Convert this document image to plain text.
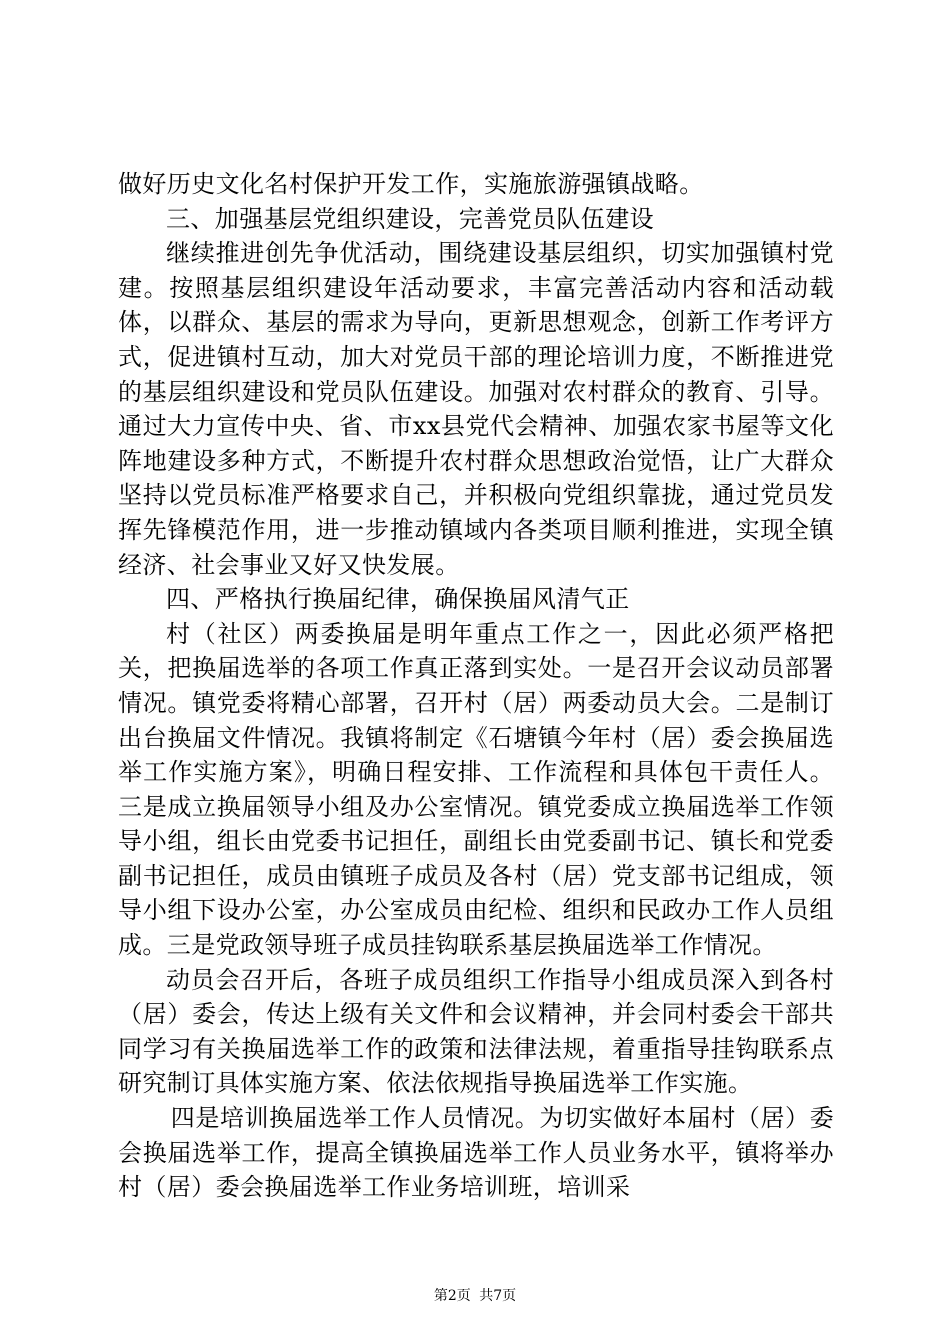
做好历史文化名村保护开发工作，实施旅游强镇战略。

三、加强基层党组织建设，完善党员队伍建设

继续推进创先争优活动，围绕建设基层组织，切实加强镇村党建。按照基层组织建设年活动要求，丰富完善活动内容和活动载体，以群众、基层的需求为导向，更新思想观念，创新工作考评方式，促进镇村互动，加大对党员干部的理论培训力度，不断推进党的基层组织建设和党员队伍建设。加强对农村群众的教育、引导。通过大力宣传中央、省、市xx县党代会精神、加强农家书屋等文化阵地建设多种方式，不断提升农村群众思想政治觉悟，让广大群众坚持以党员标准严格要求自己，并积极向党组织靠拢，通过党员发挥先锋模范作用，进一步推动镇域内各类项目顺利推进，实现全镇经济、社会事业又好又快发展。

四、严格执行换届纪律，确保换届风清气正

村（社区）两委换届是明年重点工作之一，因此必须严格把关，把换届选举的各项工作真正落到实处。一是召开会议动员部署情况。镇党委将精心部署，召开村（居）两委动员大会。二是制订出台换届文件情况。我镇将制定《石塘镇今年村（居）委会换届选举工作实施方案》，明确日程安排、工作流程和具体包干责任人。三是成立换届领导小组及办公室情况。镇党委成立换届选举工作领导小组，组长由党委书记担任，副组长由党委副书记、镇长和党委副书记担任，成员由镇班子成员及各村（居）党支部书记组成，领导小组下设办公室，办公室成员由纪检、组织和民政办工作人员组成。三是党政领导班子成员挂钩联系基层换届选举工作情况。

动员会召开后，各班子成员组织工作指导小组成员深入到各村（居）委会，传达上级有关文件和会议精神，并会同村委会干部共同学习有关换届选举工作的政策和法律法规，着重指导挂钩联系点研究制订具体实施方案、依法依规指导换届选举工作实施。

四是培训换届选举工作人员情况。为切实做好本届村（居）委会换届选举工作，提高全镇换届选举工作人员业务水平，镇将举办村（居）委会换届选举工作业务培训班，培训采

第2页 共7页
